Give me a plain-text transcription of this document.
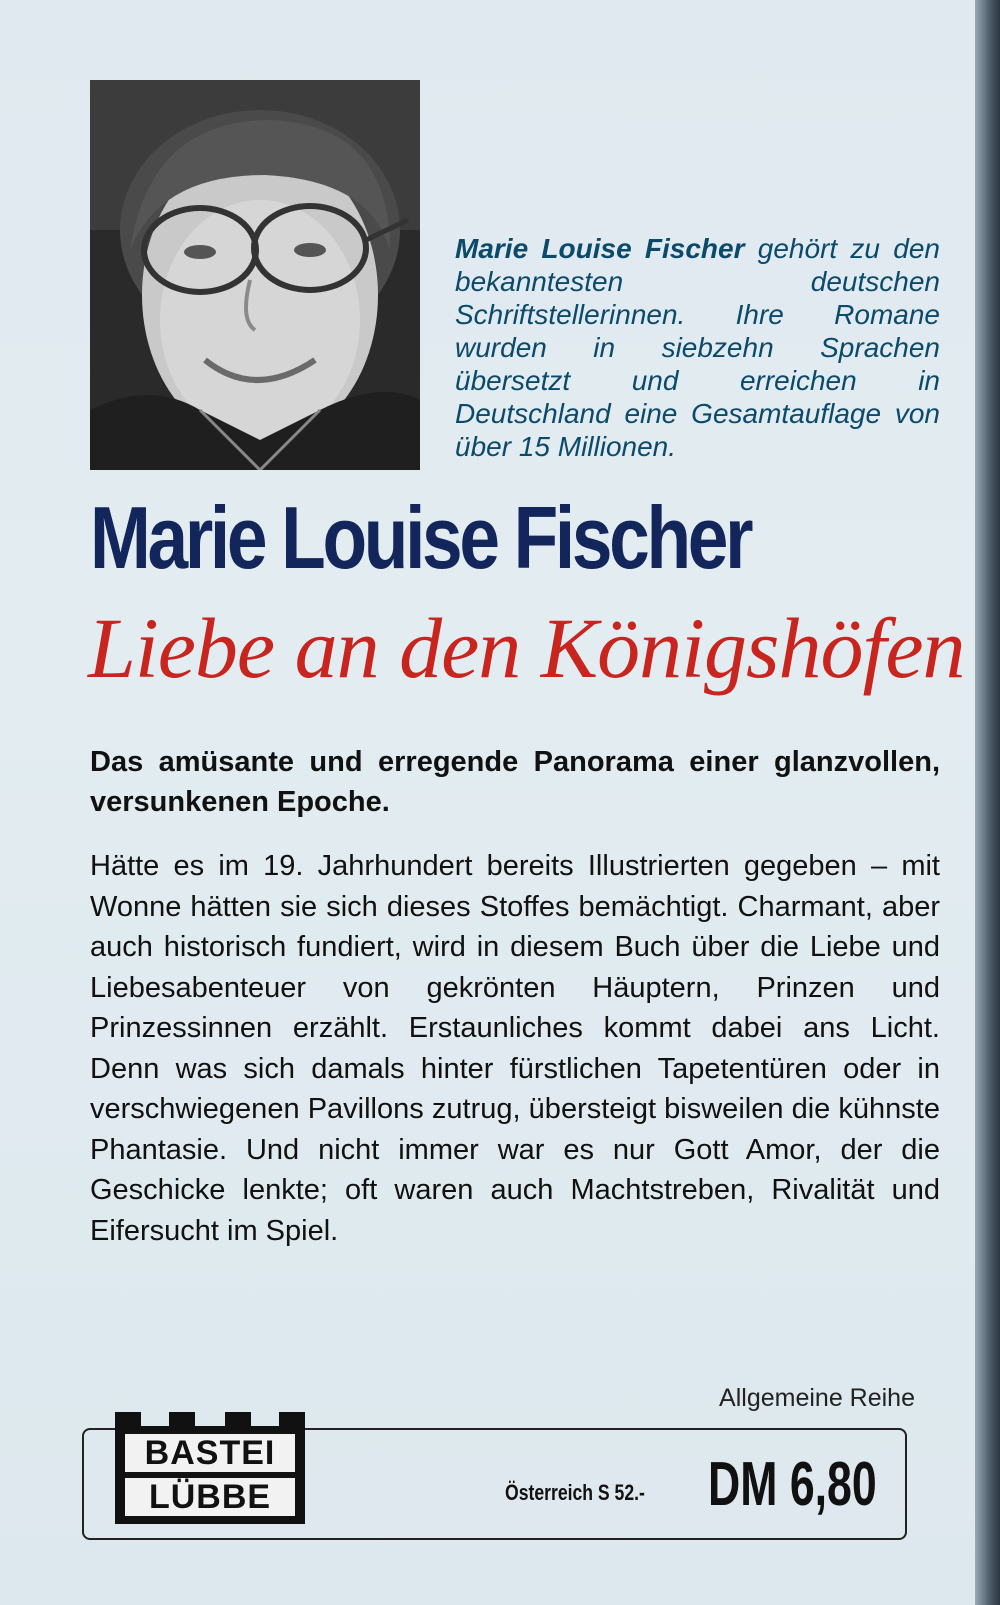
Marie Louise Fischer gehört zu den bekanntesten deutschen Schriftstellerinnen. Ihre Romane wurden in siebzehn Sprachen übersetzt und erreichen in Deutschland eine Gesamtauflage von über 15 Millionen.
Marie Louise Fischer
Liebe an den Königshöfen
Das amüsante und erregende Panorama einer glanzvollen, versunkenen Epoche.
Hätte es im 19. Jahrhundert bereits Illustrierten gegeben – mit Wonne hätten sie sich dieses Stoffes bemächtigt. Charmant, aber auch historisch fundiert, wird in diesem Buch über die Liebe und Liebesabenteuer von gekrönten Häuptern, Prinzen und Prinzessinnen erzählt. Erstaunliches kommt dabei ans Licht. Denn was sich damals hinter fürstlichen Tapetentüren oder in verschwiegenen Pavillons zutrug, übersteigt bisweilen die kühnste Phantasie. Und nicht immer war es nur Gott Amor, der die Geschicke lenkte; oft waren auch Machtstreben, Rivalität und Eifersucht im Spiel.
Allgemeine Reihe
BASTEI
LÜBBE	Österreich S 52.- DM 6,80
